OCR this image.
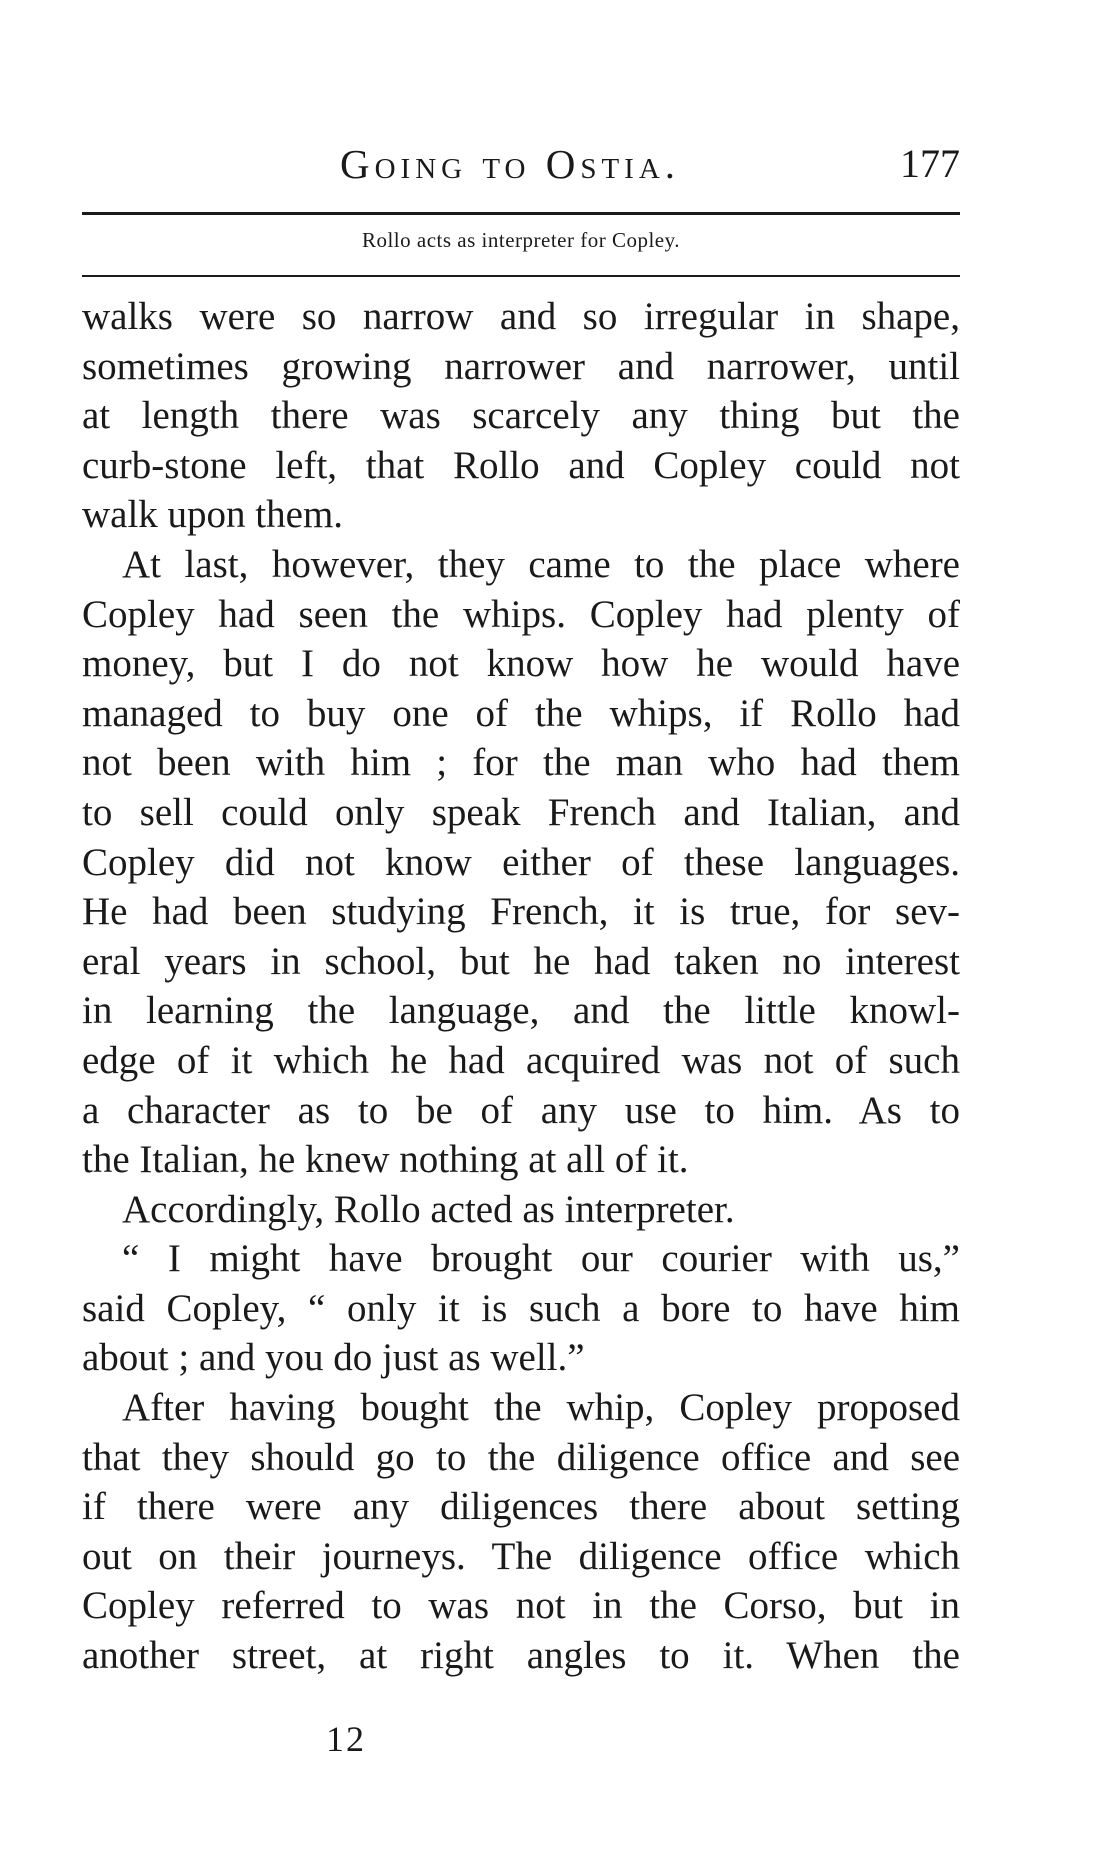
Going to Ostia.	177
Rollo acts as interpreter for Copley.
walks were so narrow and so irregular in shape,
sometimes growing narrower and narrower, until
at length there was scarcely any thing but the
curb-stone left, that Rollo and Copley could not
walk upon them.
At last, however, they came to the place where
Copley had seen the whips. Copley had plenty of
money, but I do not know how he would have
managed to buy one of the whips, if Rollo had
not been with him ; for the man who had them
to sell could only speak French and Italian, and
Copley did not know either of these languages.
He had been studying French, it is true, for sev-
eral years in school, but he had taken no interest
in learning the language, and the little knowl-
edge of it which he had acquired was not of such
a character as to be of any use to him. As to
the Italian, he knew nothing at all of it.
Accordingly, Rollo acted as interpreter.
“ I might have brought our courier with us,”
said Copley, “ only it is such a bore to have him
about ; and you do just as well.”
After having bought the whip, Copley proposed
that they should go to the diligence office and see
if there were any diligences there about setting
out on their journeys. The diligence office which
Copley referred to was not in the Corso, but in
another street, at right angles to it. When the
12
